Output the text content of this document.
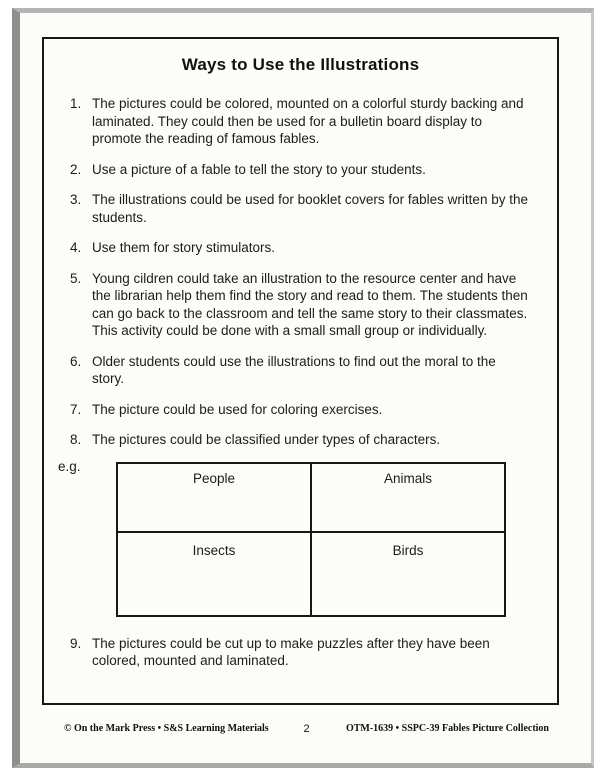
Ways to Use the Illustrations
1. The pictures could be colored, mounted on a colorful sturdy backing and laminated. They could then be used for a bulletin board display to promote the reading of famous fables.
2. Use a picture of a fable to tell the story to your students.
3. The illustrations could be used for booklet covers for fables written by the students.
4. Use them for story stimulators.
5. Young cildren could take an illustration to the resource center and have the librarian help them find the story and read to them. The students then can go back to the classroom and tell the same story to their classmates. This activity could be done with a small small group or individually.
6. Older students could use the illustrations to find out the moral to the story.
7. The picture could be used for coloring exercises.
8. The pictures could be classified under types of characters.
e.g.
People	Animals
Insects	Birds
9. The pictures could be cut up to make puzzles after they have been colored, mounted and laminated.
© On the Mark Press • S&S Learning Materials	2	OTM-1639 • SSPC-39 Fables Picture Collection
